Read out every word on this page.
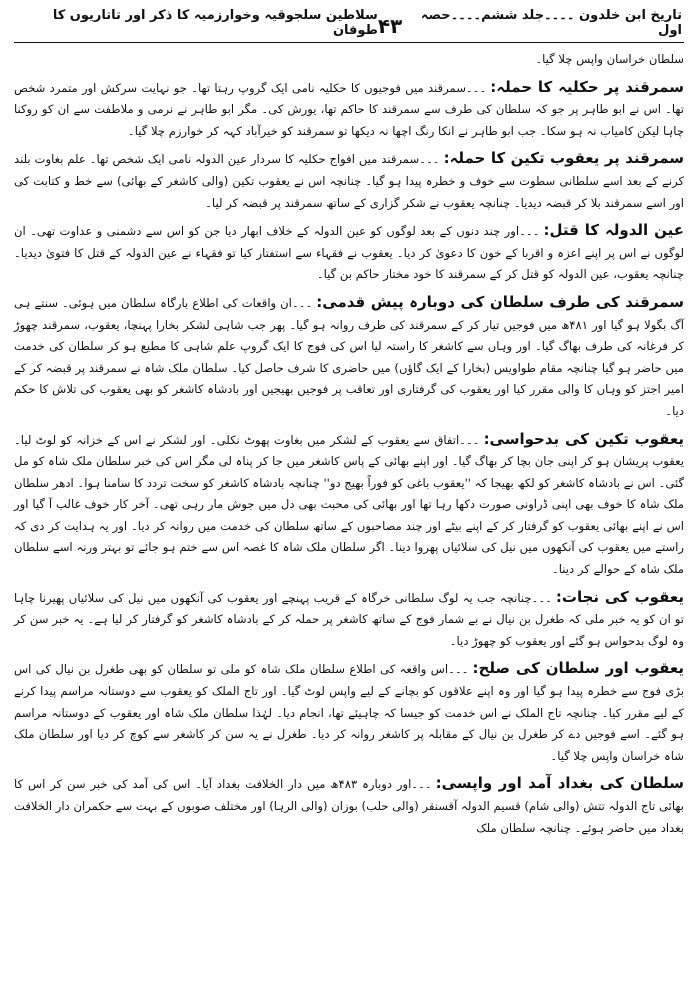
تاریخ ابن خلدون ۔۔۔۔جلد ششم۔۔۔۔حصہ اول
۴۳
سلاطین سلجوقیہ وخوارزمیہ کا ذکر اور تاتاریوں کا طوفان

سلطان خراسان واپس چلا گیا۔

سمرقند پر حکلیہ کا حملہ:۔۔۔سمرقند میں فوجیوں کا حکلیہ نامی ایک گروپ رہتا تھا۔ جو نہایت سرکش اور متمرد شخص تھا۔ اس نے ابو طاہر پر جو کہ سلطان کی طرف سے سمرقند کا حاکم تھا، یورش کی۔ مگر ابو طاہر نے نرمی و ملاطفت سے ان کو روکنا چاہا لیکن کامیاب نہ ہو سکا۔ جب ابو طاہر نے انکا رنگ اچھا نہ دیکھا تو سمرقند کو خیرآباد کہہ کر خوارزم چلا گیا۔

سمرقند پر یعقوب تکین کا حملہ:۔۔۔سمرقند میں افواج حکلیہ کا سردار عین الدولہ نامی ایک شخص تھا۔ علم بغاوت بلند کرنے کے بعد اسے سلطانی سطوت سے خوف و خطرہ پیدا ہو گیا۔ چنانچہ اس نے یعقوب تکین (والی کاشغر کے بھائی) سے خط و کتابت کی اور اسے سمرقند بلا کر قبضہ دیدیا۔ چنانچہ یعقوب نے شکر گزاری کے ساتھ سمرقند پر قبضہ کر لیا۔

عین الدولہ کا قتل:۔۔۔اور چند دنوں کے بعد لوگوں کو عین الدولہ کے خلاف ابھار دیا جن کو اس سے دشمنی و عداوت تھی۔ ان لوگوں نے اس پر اپنے اعزہ و اقربا کے خون کا دعویٰ کر دیا۔ یعقوب نے فقہاء سے استفتار کیا تو فقہاء نے عین الدولہ کے قتل کا فتویٰ دیدیا۔ چنانچہ یعقوب، عین الدولہ کو قتل کر کے سمرقند کا خود مختار حاکم بن گیا۔

سمرقند کی طرف سلطان کی دوبارہ پیش قدمی:۔۔۔ان واقعات کی اطلاع بارگاہ سلطان میں ہوئی۔ سنتے ہی آگ بگولا ہو گیا اور ۴۸۱ھ میں فوجیں تیار کر کے سمرقند کی طرف روانہ ہو گیا۔ پھر جب شاہی لشکر بخارا پہنچا، یعقوب، سمرقند چھوڑ کر فرغانہ کی طرف بھاگ گیا۔ اور وہاں سے کاشغر کا راستہ لیا اس کی فوج کا ایک گروپ علم شاہی کا مطیع ہو کر سلطان کی خدمت میں حاضر ہو گیا چنانچہ مقام طواویس (بخارا کے ایک گاؤں) میں حاضری کا شرف حاصل کیا۔ سلطان ملک شاہ نے سمرقند پر قبضہ کر کے امیر اجتز کو وہاں کا والی مقرر کیا اور یعقوب کی گرفتاری اور تعاقب پر فوجیں بھیجیں اور بادشاہ کاشغر کو بھی یعقوب کی تلاش کا حکم دیا۔

یعقوب تکین کی بدحواسی:۔۔۔اتفاق سے یعقوب کے لشکر میں بغاوت پھوٹ نکلی۔ اور لشکر نے اس کے خزانہ کو لوٹ لیا۔ یعقوب پریشان ہو کر اپنی جان بچا کر بھاگ گیا۔ اور اپنے بھائی کے پاس کاشغر میں جا کر پناہ لی مگر اس کی خبر سلطان ملک شاہ کو مل گئی۔ اس نے بادشاہ کاشغر کو لکھ بھیجا کہ ''یعقوب باغی کو فوراً بھیج دو'' چنانچہ بادشاہ کاشغر کو سخت تردد کا سامنا ہوا۔ ادھر سلطان ملک شاہ کا خوف بھی اپنی ڈراونی صورت دکھا رہا تھا اور بھائی کی محبت بھی دل میں جوش مار رہی تھی۔ آخر کار خوف غالب آ گیا اور اس نے اپنے بھائی یعقوب کو گرفتار کر کے اپنے بیٹے اور چند مصاحبوں کے ساتھ سلطان کی خدمت میں روانہ کر دیا۔ اور یہ ہدایت کر دی کہ راستے میں یعقوب کی آنکھوں میں نیل کی سلائیاں پھروا دینا۔ اگر سلطان ملک شاہ کا غصہ اس سے ختم ہو جائے تو بہتر ورنہ اسے سلطان ملک شاہ کے حوالے کر دینا۔

یعقوب کی نجات:۔۔۔چنانچہ جب یہ لوگ سلطانی خرگاہ کے قریب پہنچے اور یعقوب کی آنکھوں میں نیل کی سلائیاں پھیرنا چاہا تو ان کو یہ خبر ملی کہ طغرل بن نیال نے بے شمار فوج کے ساتھ کاشغر پر حملہ کر کے بادشاہ کاشغر کو گرفتار کر لیا ہے۔ یہ خبر سن کر وہ لوگ بدحواس ہو گئے اور یعقوب کو چھوڑ دیا۔

یعقوب اور سلطان کی صلح:۔۔۔اس واقعہ کی اطلاع سلطان ملک شاہ کو ملی تو سلطان کو بھی طغرل بن نیال کی اس بڑی فوج سے خطرہ پیدا ہو گیا اور وہ اپنے علاقوں کو بچانے کے لیے واپس لوٹ گیا۔ اور تاج الملک کو یعقوب سے دوستانہ مراسم پیدا کرنے کے لیے مقرر کیا۔ چنانچہ تاج الملک نے اس خدمت کو جیسا کہ چاہیئے تھا، انجام دیا۔ لہٰذا سلطان ملک شاہ اور یعقوب کے دوستانہ مراسم ہو گئے۔ اسے فوجیں دے کر طغرل بن نیال کے مقابلہ پر کاشغر روانہ کر دیا۔ طغرل نے یہ سن کر کاشغر سے کوچ کر دیا اور سلطان ملک شاہ خراسان واپس چلا گیا۔

سلطان کی بغداد آمد اور واپسی:۔۔۔اور دوبارہ ۴۸۳ھ میں دار الخلافت بغداد آیا۔ اس کی آمد کی خبر سن کر اس کا بھائی تاج الدولہ تتش (والی شام) قسیم الدولہ آقسنقر (والی حلب) بوزان (والی الرہا) اور مختلف صوبوں کے بہت سے حکمران دار الخلافت بغداد میں حاضر ہوئے۔ چنانچہ سلطان ملک
